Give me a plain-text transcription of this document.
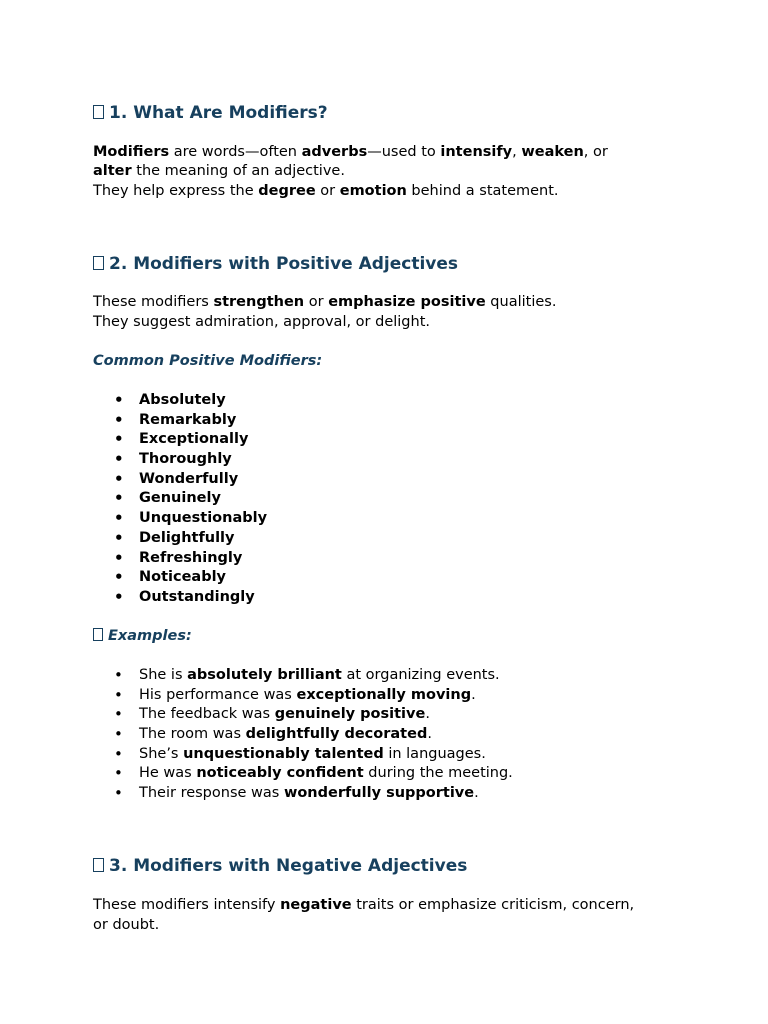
1. What Are Modifiers?
Modifiers are words—often adverbs—used to intensify, weaken, or
alter the meaning of an adjective.
They help express the degree or emotion behind a statement.
2. Modifiers with Positive Adjectives
These modifiers strengthen or emphasize positive qualities.
They suggest admiration, approval, or delight.
Common Positive Modifiers:
• Absolutely
• Remarkably
• Exceptionally
• Thoroughly
• Wonderfully
• Genuinely
• Unquestionably
• Delightfully
• Refreshingly
• Noticeably
• Outstandingly
Examples:
• She is absolutely brilliant at organizing events.
• His performance was exceptionally moving.
• The feedback was genuinely positive.
• The room was delightfully decorated.
• She’s unquestionably talented in languages.
• He was noticeably confident during the meeting.
• Their response was wonderfully supportive.
3. Modifiers with Negative Adjectives
These modifiers intensify negative traits or emphasize criticism, concern,
or doubt.
